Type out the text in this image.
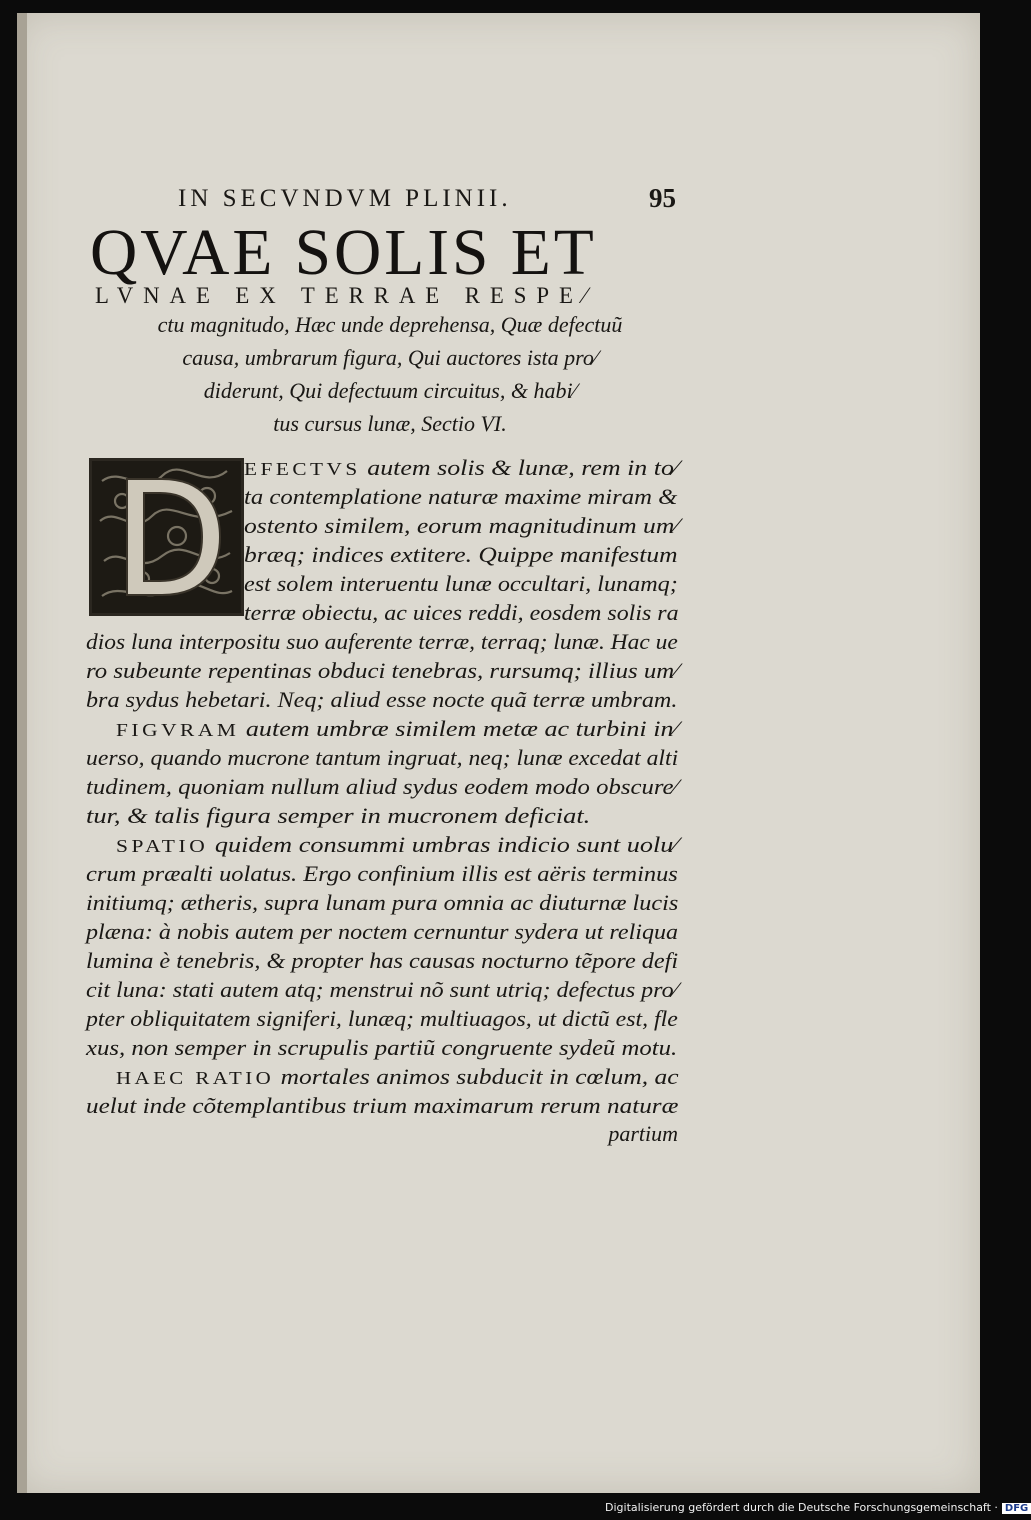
IN SECVNDVM PLINII.	95
QVAE SOLIS ET
LVNAE EX TERRAE RESPE⁄
ctu magnitudo, Hæc unde deprehensa, Quæ defectuũ
causa, umbrarum figura, Qui auctores ista pro⁄
diderunt, Qui defectuum circuitus, & habi⁄
tus cursus lunæ, Sectio VI.
EFECTVS autem solis & lunæ, rem in to⁄
ta contemplatione naturæ maxime miram &
ostento similem, eorum magnitudinum um⁄
bræq; indices extitere. Quippe manifestum
est solem interuentu lunæ occultari, lunamq;
terræ obiectu, ac uices reddi, eosdem solis ra
dios luna interpositu suo auferente terræ, terraq; lunæ. Hac ue
ro subeunte repentinas obduci tenebras, rursumq; illius um⁄
bra sydus hebetari. Neq; aliud esse nocte quã terræ umbram.
FIGVRAM autem umbræ similem metæ ac turbini in⁄
uerso, quando mucrone tantum ingruat, neq; lunæ excedat alti
tudinem, quoniam nullum aliud sydus eodem modo obscure⁄
tur, & talis figura semper in mucronem deficiat.
SPATIO quidem consummi umbras indicio sunt uolu⁄
crum præalti uolatus. Ergo confinium illis est aëris terminus
initiumq; ætheris, supra lunam pura omnia ac diuturnæ lucis
plæna: à nobis autem per noctem cernuntur sydera ut reliqua
lumina è tenebris, & propter has causas nocturno tẽpore defi
cit luna: stati autem atq; menstrui nõ sunt utriq; defectus pro⁄
pter obliquitatem signiferi, lunæq; multiuagos, ut dictũ est, fle
xus, non semper in scrupulis partiũ congruente sydeũ motu.
HAEC RATIO mortales animos subducit in cœlum, ac
uelut inde cõtemplantibus trium maximarum rerum naturæ
partium
Digitalisierung gefördert durch die Deutsche Forschungsgemeinschaft · DFG
